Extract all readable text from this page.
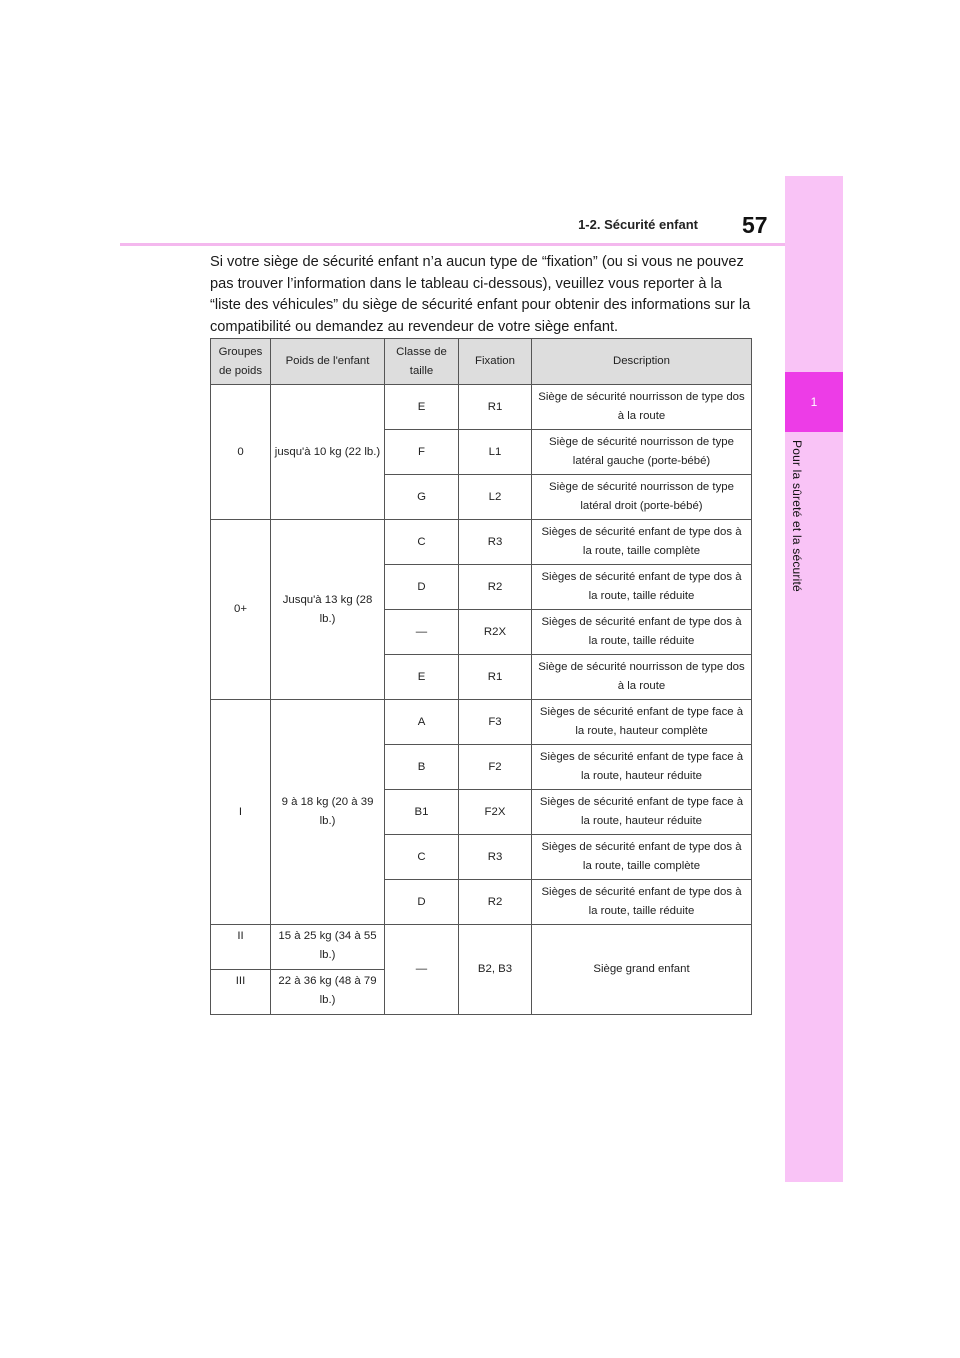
1-2. Sécurité enfant 57
1
Pour la sûreté et la sécurité

Si votre siège de sécurité enfant n’a aucun type de “fixation” (ou si vous ne pouvez pas trouver l’information dans le tableau ci-dessous), veuillez vous reporter à la “liste des véhicules” du siège de sécurité enfant pour obtenir des informations sur la compatibilité ou demandez au revendeur de votre siège enfant.

Groupes de poids	Poids de l'enfant	Classe de taille	Fixation	Description
0	jusqu'à 10 kg (22 lb.)	E	R1	Siège de sécurité nourrisson de type dos à la route
		F	L1	Siège de sécurité nourrisson de type latéral gauche (porte-bébé)
		G	L2	Siège de sécurité nourrisson de type latéral droit (porte-bébé)
0+	Jusqu'à 13 kg (28 lb.)	C	R3	Sièges de sécurité enfant de type dos à la route, taille complète
		D	R2	Sièges de sécurité enfant de type dos à la route, taille réduite
		—	R2X	Sièges de sécurité enfant de type dos à la route, taille réduite
		E	R1	Siège de sécurité nourrisson de type dos à la route
I	9 à 18 kg (20 à 39 lb.)	A	F3	Sièges de sécurité enfant de type face à la route, hauteur complète
		B	F2	Sièges de sécurité enfant de type face à la route, hauteur réduite
		B1	F2X	Sièges de sécurité enfant de type face à la route, hauteur réduite
		C	R3	Sièges de sécurité enfant de type dos à la route, taille complète
		D	R2	Sièges de sécurité enfant de type dos à la route, taille réduite
II	15 à 25 kg (34 à 55 lb.)	—	B2, B3	Siège grand enfant
III	22 à 36 kg (48 à 79 lb.)			
